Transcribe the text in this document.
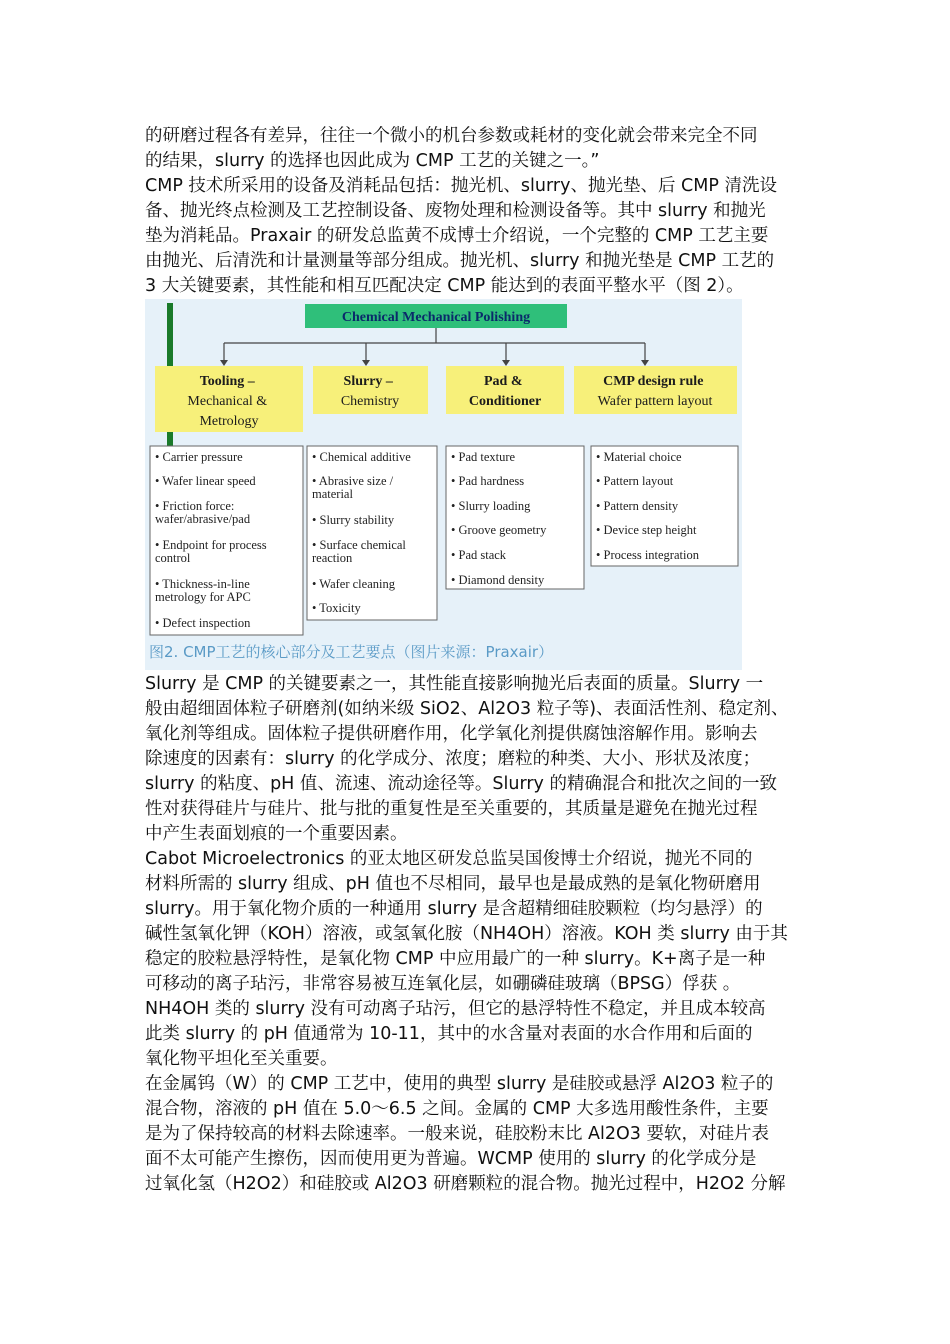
的研磨过程各有差异，往往一个微小的机台参数或耗材的变化就会带来完全不同

的结果，slurry 的选择也因此成为 CMP 工艺的关键之一。”

CMP 技术所采用的设备及消耗品包括：抛光机、slurry、抛光垫、后 CMP 清洗设

备、抛光终点检测及工艺控制设备、废物处理和检测设备等。其中 slurry 和抛光

垫为消耗品。Praxair 的研发总监黄不成博士介绍说，一个完整的 CMP 工艺主要

由抛光、后清洗和计量测量等部分组成。抛光机、slurry 和抛光垫是 CMP 工艺的

3 大关键要素，其性能和相互匹配决定 CMP 能达到的表面平整水平（图 2）。

Chemical Mechanical Polishing
Tooling – Mechanical & Metrology
• Carrier pressure • Wafer linear speed • Friction force: wafer/abrasive/pad • Endpoint for process control • Thickness-in-line metrology for APC • Defect inspection
Slurry – Chemistry
• Chemical additive • Abrasive size / material • Slurry stability • Surface chemical reaction • Wafer cleaning • Toxicity
Pad & Conditioner
• Pad texture • Pad hardness • Slurry loading • Groove geometry • Pad stack • Diamond density
CMP design rule Wafer pattern layout
• Material choice • Pattern layout • Pattern density • Device step height • Process integration
图2. CMP工艺的核心部分及工艺要点（图片来源：Praxair）

Slurry 是 CMP 的关键要素之一，其性能直接影响抛光后表面的质量。Slurry 一

般由超细固体粒子研磨剂(如纳米级 SiO2、Al2O3 粒子等)、表面活性剂、稳定剂、

氧化剂等组成。固体粒子提供研磨作用，化学氧化剂提供腐蚀溶解作用。影响去

除速度的因素有：slurry 的化学成分、浓度；磨粒的种类、大小、形状及浓度；

slurry 的粘度、pH 值、流速、流动途径等。Slurry 的精确混合和批次之间的一致

性对获得硅片与硅片、批与批的重复性是至关重要的，其质量是避免在抛光过程

中产生表面划痕的一个重要因素。

Cabot Microelectronics 的亚太地区研发总监吴国俊博士介绍说，抛光不同的

材料所需的 slurry 组成、pH 值也不尽相同，最早也是最成熟的是氧化物研磨用

slurry。用于氧化物介质的一种通用 slurry 是含超精细硅胶颗粒（均匀悬浮）的

碱性氢氧化钾（KOH）溶液，或氢氧化胺（NH4OH）溶液。KOH 类 slurry 由于其

稳定的胶粒悬浮特性，是氧化物 CMP 中应用最广的一种 slurry。K+离子是一种

可移动的离子玷污，非常容易被互连氧化层，如硼磷硅玻璃（BPSG）俘获 。

NH4OH 类的 slurry 没有可动离子玷污，但它的悬浮特性不稳定，并且成本较高

此类 slurry 的 pH 值通常为 10-11，其中的水含量对表面的水合作用和后面的

氧化物平坦化至关重要。

在金属钨（W）的 CMP 工艺中，使用的典型 slurry 是硅胶或悬浮 Al2O3 粒子的

混合物，溶液的 pH 值在 5.0～6.5 之间。金属的 CMP 大多选用酸性条件，主要

是为了保持较高的材料去除速率。一般来说，硅胶粉末比 Al2O3 要软，对硅片表

面不太可能产生擦伤，因而使用更为普遍。WCMP 使用的 slurry 的化学成分是

过氧化氢（H2O2）和硅胶或 Al2O3 研磨颗粒的混合物。抛光过程中，H2O2 分解
